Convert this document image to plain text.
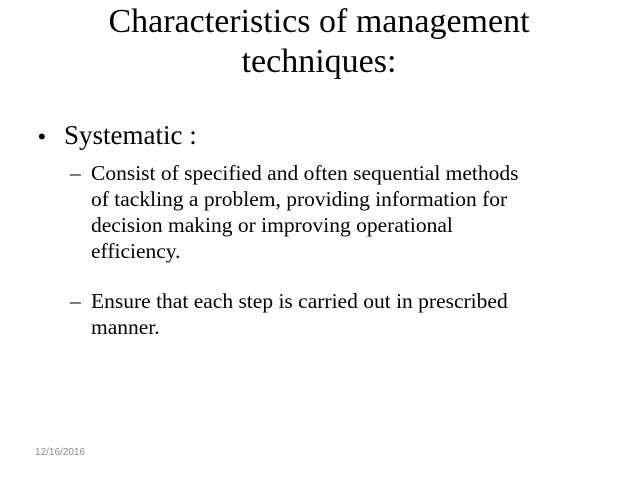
Characteristics of management
techniques:
• Systematic :
– Consist of specified and often sequential methods
of tackling a problem, providing information for
decision making or improving operational
efficiency.
– Ensure that each step is carried out in prescribed
manner.
12/16/2016
